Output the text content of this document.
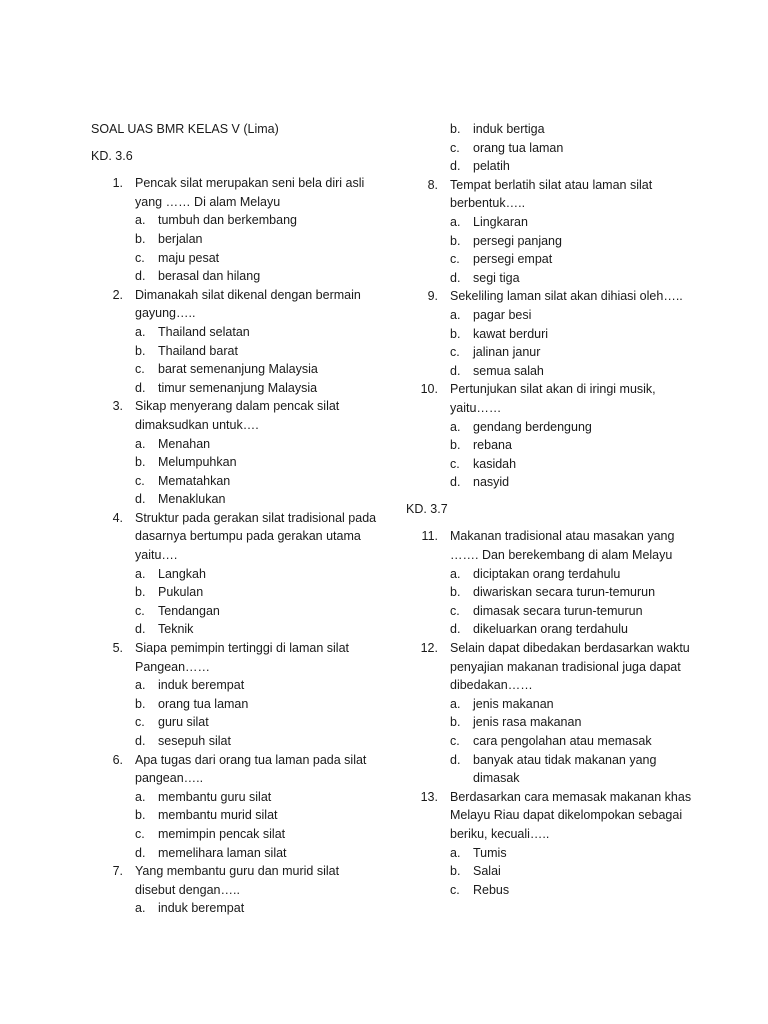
SOAL UAS BMR KELAS V (Lima)
KD. 3.6
1. Pencak silat merupakan seni bela diri asli yang …… Di alam Melayu
a. tumbuh dan berkembang
b. berjalan
c. maju pesat
d. berasal dan hilang
2. Dimanakah silat dikenal dengan bermain gayung…..
a. Thailand selatan
b. Thailand barat
c. barat semenanjung Malaysia
d. timur semenanjung Malaysia
3. Sikap menyerang dalam pencak silat dimaksudkan untuk….
a. Menahan
b. Melumpuhkan
c. Mematahkan
d. Menaklukan
4. Struktur pada gerakan silat tradisional pada dasarnya bertumpu pada gerakan utama yaitu….
a. Langkah
b. Pukulan
c. Tendangan
d. Teknik
5. Siapa pemimpin tertinggi di laman silat Pangean……
a. induk berempat
b. orang tua laman
c. guru silat
d. sesepuh silat
6. Apa tugas dari orang tua laman pada silat pangean…..
a. membantu guru silat
b. membantu murid silat
c. memimpin pencak silat
d. memelihara laman silat
7. Yang membantu guru dan murid silat disebut dengan…..
a. induk berempat
b. induk bertiga
c. orang tua laman
d. pelatih
8. Tempat berlatih silat atau laman silat berbentuk…..
a. Lingkaran
b. persegi panjang
c. persegi empat
d. segi tiga
9. Sekeliling laman silat akan dihiasi oleh…..
a. pagar besi
b. kawat berduri
c. jalinan janur
d. semua salah
10. Pertunjukan silat akan di iringi musik, yaitu……
a. gendang berdengung
b. rebana
c. kasidah
d. nasyid
KD. 3.7
11. Makanan tradisional atau masakan yang ……. Dan berekembang di alam Melayu
a. diciptakan orang terdahulu
b. diwariskan secara turun-temurun
c. dimasak secara turun-temurun
d. dikeluarkan orang terdahulu
12. Selain dapat dibedakan berdasarkan waktu penyajian makanan tradisional juga dapat dibedakan……
a. jenis makanan
b. jenis rasa makanan
c. cara pengolahan atau memasak
d. banyak atau tidak makanan yang dimasak
13. Berdasarkan cara memasak makanan khas Melayu Riau dapat dikelompokan sebagai beriku, kecuali…..
a. Tumis
b. Salai
c. Rebus
